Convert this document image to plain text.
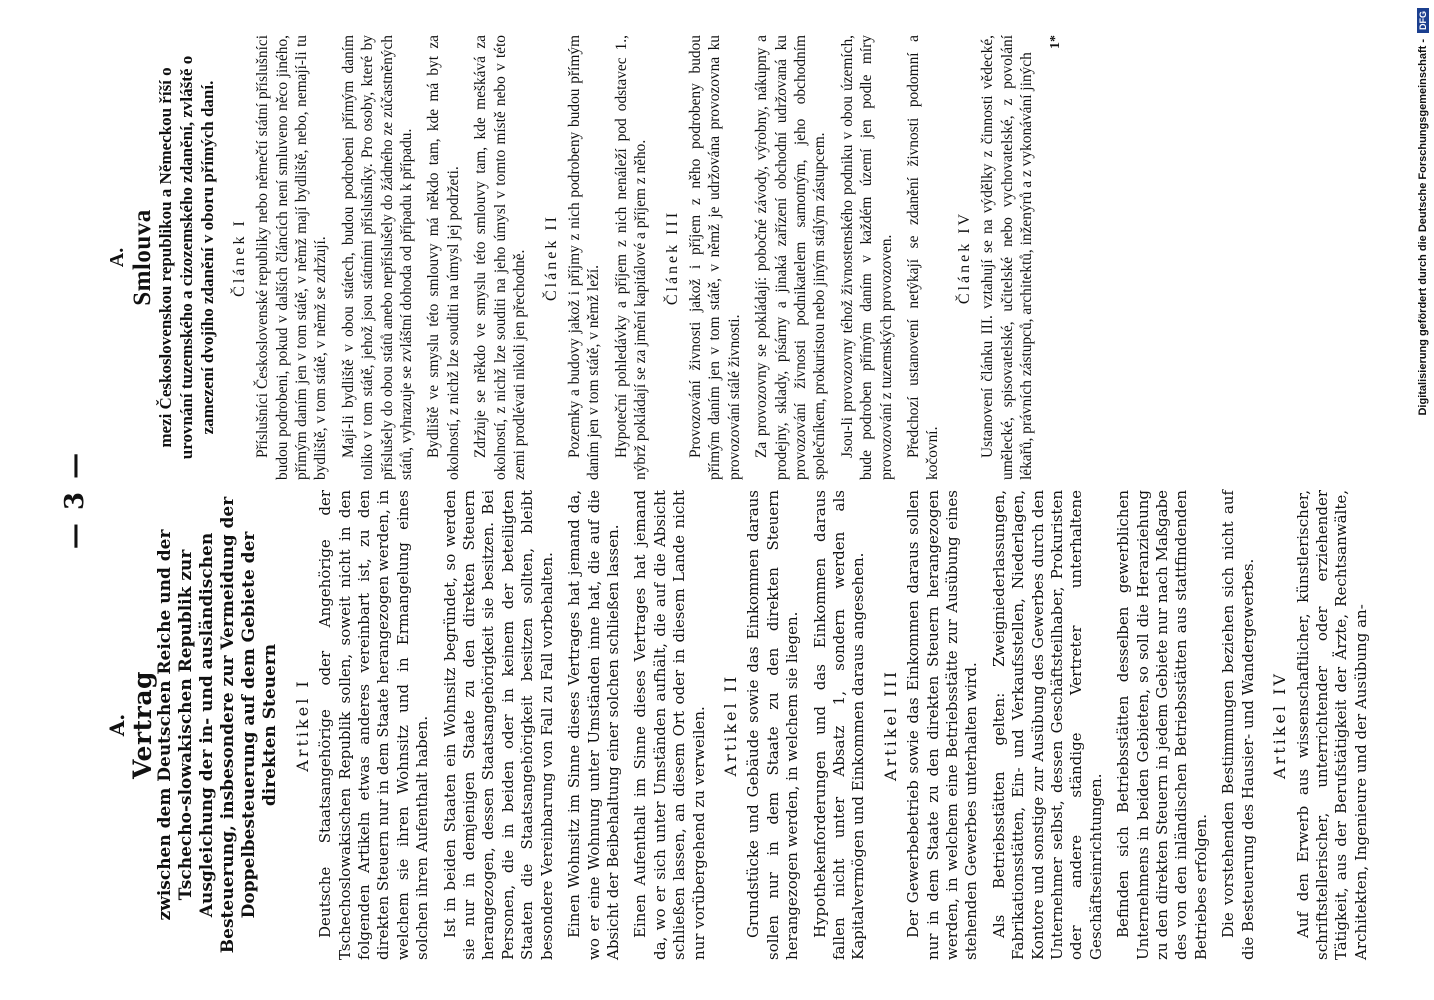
— 3 —
A. Vertrag
zwischen dem Deutschen Reiche und der Tschecho-slowakischen Republik zur Ausgleichung der in- und ausländischen Besteuerung, insbesondere zur Vermeidung der Doppelbesteuerung auf dem Gebiete der direkten Steuern Artikel I Deutsche Staatsangehörige oder Angehörige der Tschechoslowakischen Republik sollen, soweit nicht in den folgenden Artikeln etwas anderes vereinbart ist, zu den direkten Steuern nur in dem Staate herangezogen werden, in welchem sie ihren Wohnsitz und in Ermangelung eines solchen ihren Aufenthalt haben. Ist in beiden Staaten ein Wohnsitz begründet, so werden sie nur in demjenigen Staate zu den direkten Steuern herangezogen, dessen Staatsangehörigkeit sie besitzen. Bei Personen, die in beiden oder in keinem der beteiligten Staaten die Staatsangehörigkeit besitzen sollten, bleibt besondere Vereinbarung von Fall zu Fall vorbehalten. Einen Wohnsitz im Sinne dieses Vertrages hat jemand da, wo er eine Wohnung unter Umständen inne hat, die auf die Absicht der Beibehaltung einer solchen schließen lassen. Einen Aufenthalt im Sinne dieses Vertrages hat jemand da, wo er sich unter Umständen aufhält, die auf die Absicht schließen lassen, an diesem Ort oder in diesem Lande nicht nur vorübergehend zu verweilen. Artikel II Grundstücke und Gebäude sowie das Einkommen daraus sollen nur in dem Staate zu den direkten Steuern herangezogen werden, in welchem sie liegen. Hypothekenforderungen und das Einkommen daraus fallen nicht unter Absatz 1, sondern werden als Kapitalvermögen und Einkommen daraus angesehen. Artikel III Der Gewerbebetrieb sowie das Einkommen daraus sollen nur in dem Staate zu den direkten Steuern herangezogen werden, in welchem eine Betriebsstätte zur Ausübung eines stehenden Gewerbes unterhalten wird. Als Betriebsstätten gelten: Zweigniederlassungen, Fabrikationsstätten, Ein- und Verkaufsstellen, Niederlagen, Kontore und sonstige zur Ausübung des Gewerbes durch den Unternehmer selbst, dessen Geschäftsteilhaber, Prokuristen oder andere ständige Vertreter unterhaltene Geschäftseinrichtungen. Befinden sich Betriebsstätten desselben gewerblichen Unternehmens in beiden Gebieten, so soll die Heranziehung zu den direkten Steuern in jedem Gebiete nur nach Maßgabe des von den inländischen Betriebsstätten aus stattfindenden Betriebes erfolgen. Die vorstehenden Bestimmungen beziehen sich nicht auf die Besteuerung des Hausier- und Wandergewerbes. Artikel IV Auf den Erwerb aus wissenschaftlicher, künstlerischer, schriftstellerischer, unterrichtender oder erziehender Tätigkeit, aus der Berufstätigkeit der Ärzte, Rechtsanwälte, Architekten, Ingenieure und der Ausübung an-

A. Smlouva mezi Československou republikou a Německou říší o urovnání tuzemského a cizozemského zdanění, zvláště o zamezení dvojího zdanění v oboru přímých daní. Článek I Příslušníci Československé republiky nebo němečtí státní příslušníci budou podrobeni, pokud v dalších článcích není smluveno něco jiného, přímým daním jen v tom státě, v němž mají bydliště, nebo, nemají-li tu bydliště, v tom státě, v němž se zdržují. Mají-li bydliště v obou státech, budou podrobeni přímým daním toliko v tom státě, jehož jsou státními příslušníky. Pro osoby, které by příslušely do obou států anebo nepříslušely do žádného ze zúčastněných států, vyhrazuje se zvláštní dohoda od případu k případu. Bydliště ve smyslu této smlouvy má někdo tam, kde má byt za okolností, z nichž lze souditi na úmysl jej podržeti. Zdržuje se někdo ve smyslu této smlouvy tam, kde meškává za okolností, z nichž lze souditi na jeho úmysl v tomto místě nebo v této zemi prodlévati nikoli jen přechodně. Článek II Pozemky a budovy jakož i příjmy z nich podrobeny budou přímým daním jen v tom státě, v němž leží. Hypoteční pohledávky a příjem z nich nenáleží pod odstavec 1., nýbrž pokládají se za jmění kapitálové a příjem z něho. Článek III Provozování živnosti jakož i příjem z něho podrobeny budou přímým daním jen v tom státě, v němž je udržována provozovna ku provozování stálé živnosti. Za provozovny se pokládají: pobočné závody, výrobny, nákupny a prodejny, sklady, písárny a jinaká zařízení obchodní udržovaná ku provozování živnosti podnikatelem samotným, jeho obchodním společníkem, prokuristou nebo jiným stálým zástupcem. Jsou-li provozovny téhož živnostenského podniku v obou územích, bude podroben přímým daním v každém území jen podle míry provozování z tuzemských provozoven. Předchozí ustanovení netýkají se zdanění živnosti podomní a kočovní.

Článek IV Ustanovení článku III. vztahují se na výdělky z činnosti vědecké, umělecké, spisovatelské, učitelské nebo vychovatelské, z povolání lékařů, právních zástupců, architektů, inženýrů a z vykonávání jiných

1*	Digitalisierung gefördert durch die Deutsche Forschungsgemeinschaft -
DFG
